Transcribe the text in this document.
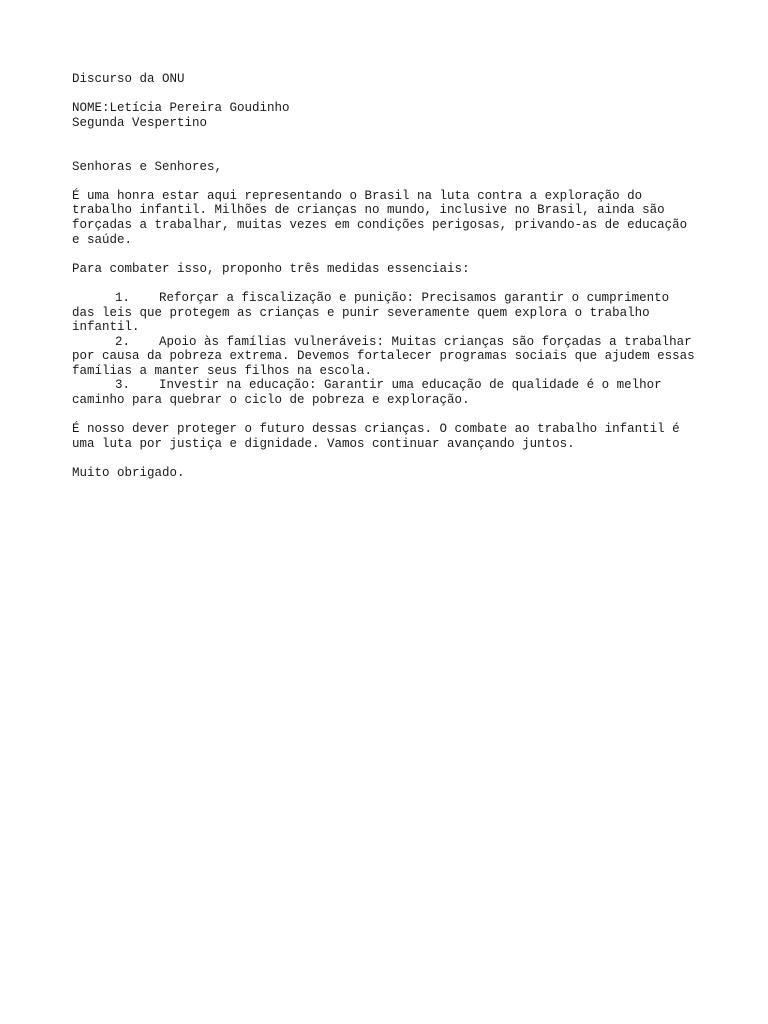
Discurso da ONU
NOME:Letícia Pereira Goudinho
Segunda Vespertino
Senhoras e Senhores,
É uma honra estar aqui representando o Brasil na luta contra a exploração do
trabalho infantil. Milhões de crianças no mundo, inclusive no Brasil, ainda são
forçadas a trabalhar, muitas vezes em condições perigosas, privando-as de educação
e saúde.
Para combater isso, proponho três medidas essenciais:
1. Reforçar a fiscalização e punição: Precisamos garantir o cumprimento
das leis que protegem as crianças e punir severamente quem explora o trabalho
infantil.
2. Apoio às famílias vulneráveis: Muitas crianças são forçadas a trabalhar
por causa da pobreza extrema. Devemos fortalecer programas sociais que ajudem essas
famílias a manter seus filhos na escola.
3. Investir na educação: Garantir uma educação de qualidade é o melhor
caminho para quebrar o ciclo de pobreza e exploração.
É nosso dever proteger o futuro dessas crianças. O combate ao trabalho infantil é
uma luta por justiça e dignidade. Vamos continuar avançando juntos.
Muito obrigado.
